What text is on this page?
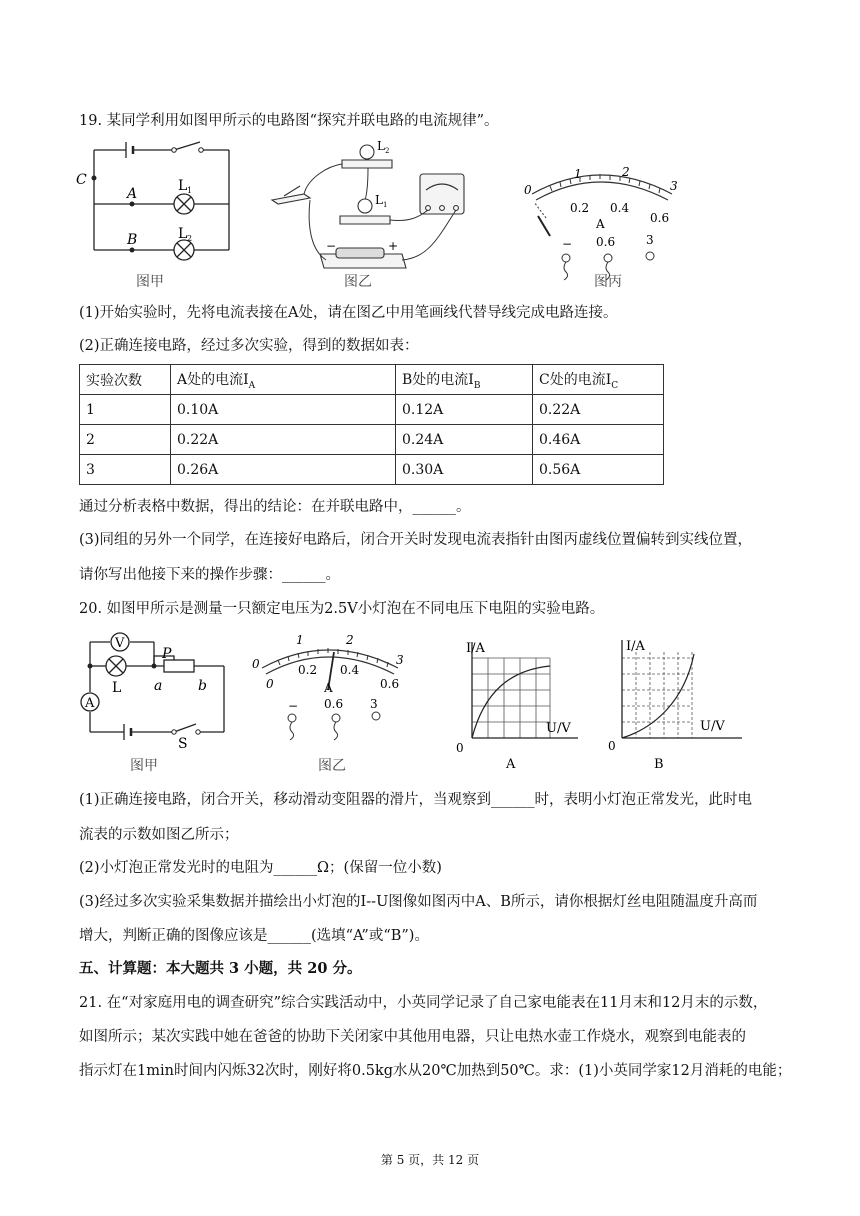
19. 某同学利用如图甲所示的电路图“探究并联电路的电流规律”。
C
A
B
L 1
L 2
图甲
L 2
L 1
−	+
图乙
0
1	2
3
0.2 0.4
0.6
A
− 0.6	3
图丙
(1)开始实验时，先将电流表接在A处，请在图乙中用笔画线代替导线完成电路连接。
(2)正确连接电路，经过多次实验，得到的数据如表：
实验次数	A处的电流$I_A$	B处的电流$I_B$	C处的电流$I_C$
1	0.10A	0.12A	0.22A
2	0.22A	0.24A	0.46A
3	0.26A	0.30A	0.56A
通过分析表格中数据，得出的结论：在并联电路中，______。
(3)同组的另外一个同学，在连接好电路后，闭合开关时发现电流表指针由图丙虚线位置偏转到实线位置，
请你写出他接下来的操作步骤：______。
20. 如图甲所示是测量一只额定电压为2.5V小灯泡在不同电压下电阻的实验电路。
V
A
L
P
a	b
S
图甲
0
1	2
3
0
0.2 0.4
0.6
A
− 0.6 3
图乙
I/A
U/V
0
A
I/A
U/V
0
B
(1)正确连接电路，闭合开关，移动滑动变阻器的滑片，当观察到______时，表明小灯泡正常发光，此时电
流表的示数如图乙所示；
(2)小灯泡正常发光时的电阻为______Ω；(保留一位小数)
(3)经过多次实验采集数据并描绘出小灯泡的I--U图像如图丙中A、B所示，请你根据灯丝电阻随温度升高而
增大，判断正确的图像应该是______(选填“A”或“B”)。
五、计算题：本大题共 3 小题，共 20 分。
21. 在“对家庭用电的调查研究”综合实践活动中，小英同学记录了自己家电能表在11月末和12月末的示数，
如图所示；某次实践中她在爸爸的协助下关闭家中其他用电器，只让电热水壶工作烧水，观察到电能表的
指示灯在1min时间内闪烁32次时，刚好将0.5kg水从20℃加热到50℃。求：(1)小英同学家12月消耗的电能；
第 5 页，共 12 页
